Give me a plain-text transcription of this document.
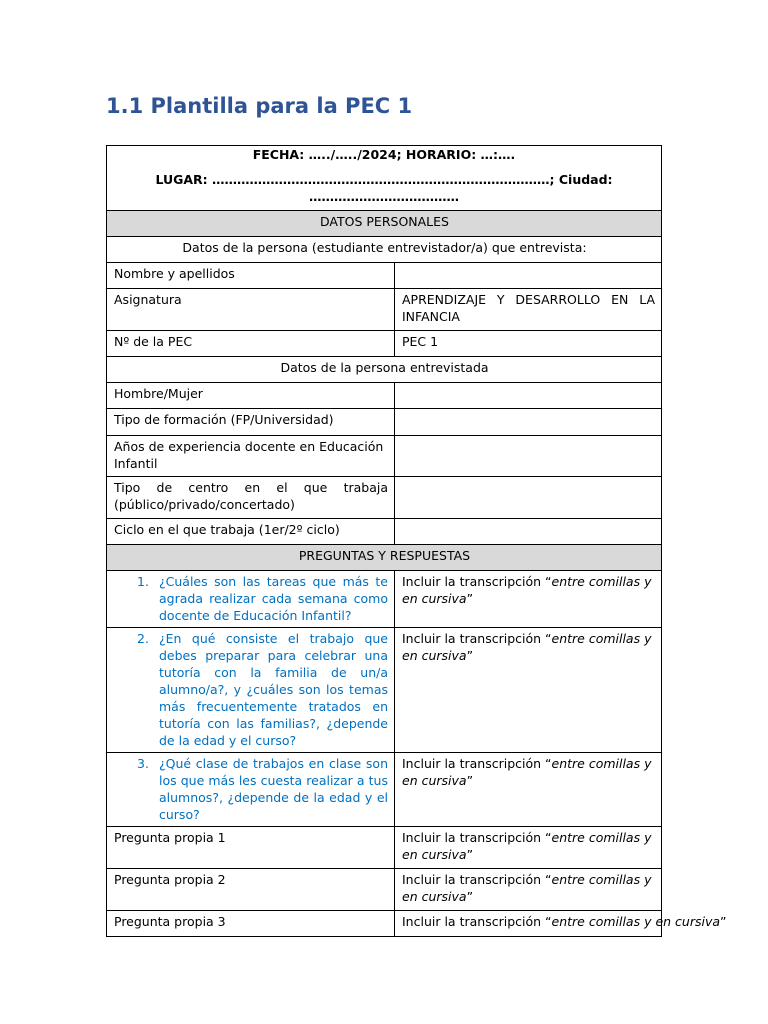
1.1 Plantilla para la PEC 1
FECHA: …../…../2024; HORARIO: …:….
LUGAR: ………………………………………………………………………; Ciudad: ………………………………	

DATOS PERSONALES	
Datos de la persona (estudiante entrevistador/a) que entrevista:	
Nombre y apellidos	
Asignatura	APRENDIZAJE Y DESARROLLO EN LA INFANCIA
Nº de la PEC	PEC 1
Datos de la persona entrevistada	
Hombre/Mujer	
Tipo de formación (FP/Universidad)	
Años de experiencia docente en Educación Infantil	
Tipo de centro en el que trabaja (público/privado/concertado)	
Ciclo en el que trabaja (1er/2º ciclo)	
PREGUNTAS Y RESPUESTAS	

1. ¿Cuáles son las tareas que más te agrada realizar cada semana como docente de Educación Infantil?	Incluir la transcripción “entre comillas y en cursiva”

2. ¿En qué consiste el trabajo que debes preparar para celebrar una tutoría con la familia de un/a alumno/a?, y ¿cuáles son los temas más frecuentemente tratados en tutoría con las familias?, ¿depende de la edad y el curso?	Incluir la transcripción “entre comillas y en cursiva”

3. ¿Qué clase de trabajos en clase son los que más les cuesta realizar a tus alumnos?, ¿depende de la edad y el curso?	Incluir la transcripción “entre comillas y en cursiva”
Pregunta propia 1	Incluir la transcripción “entre comillas y en cursiva”
Pregunta propia 2	Incluir la transcripción “entre comillas y en cursiva”
Pregunta propia 3	Incluir la transcripción “entre comillas y en cursiva”
